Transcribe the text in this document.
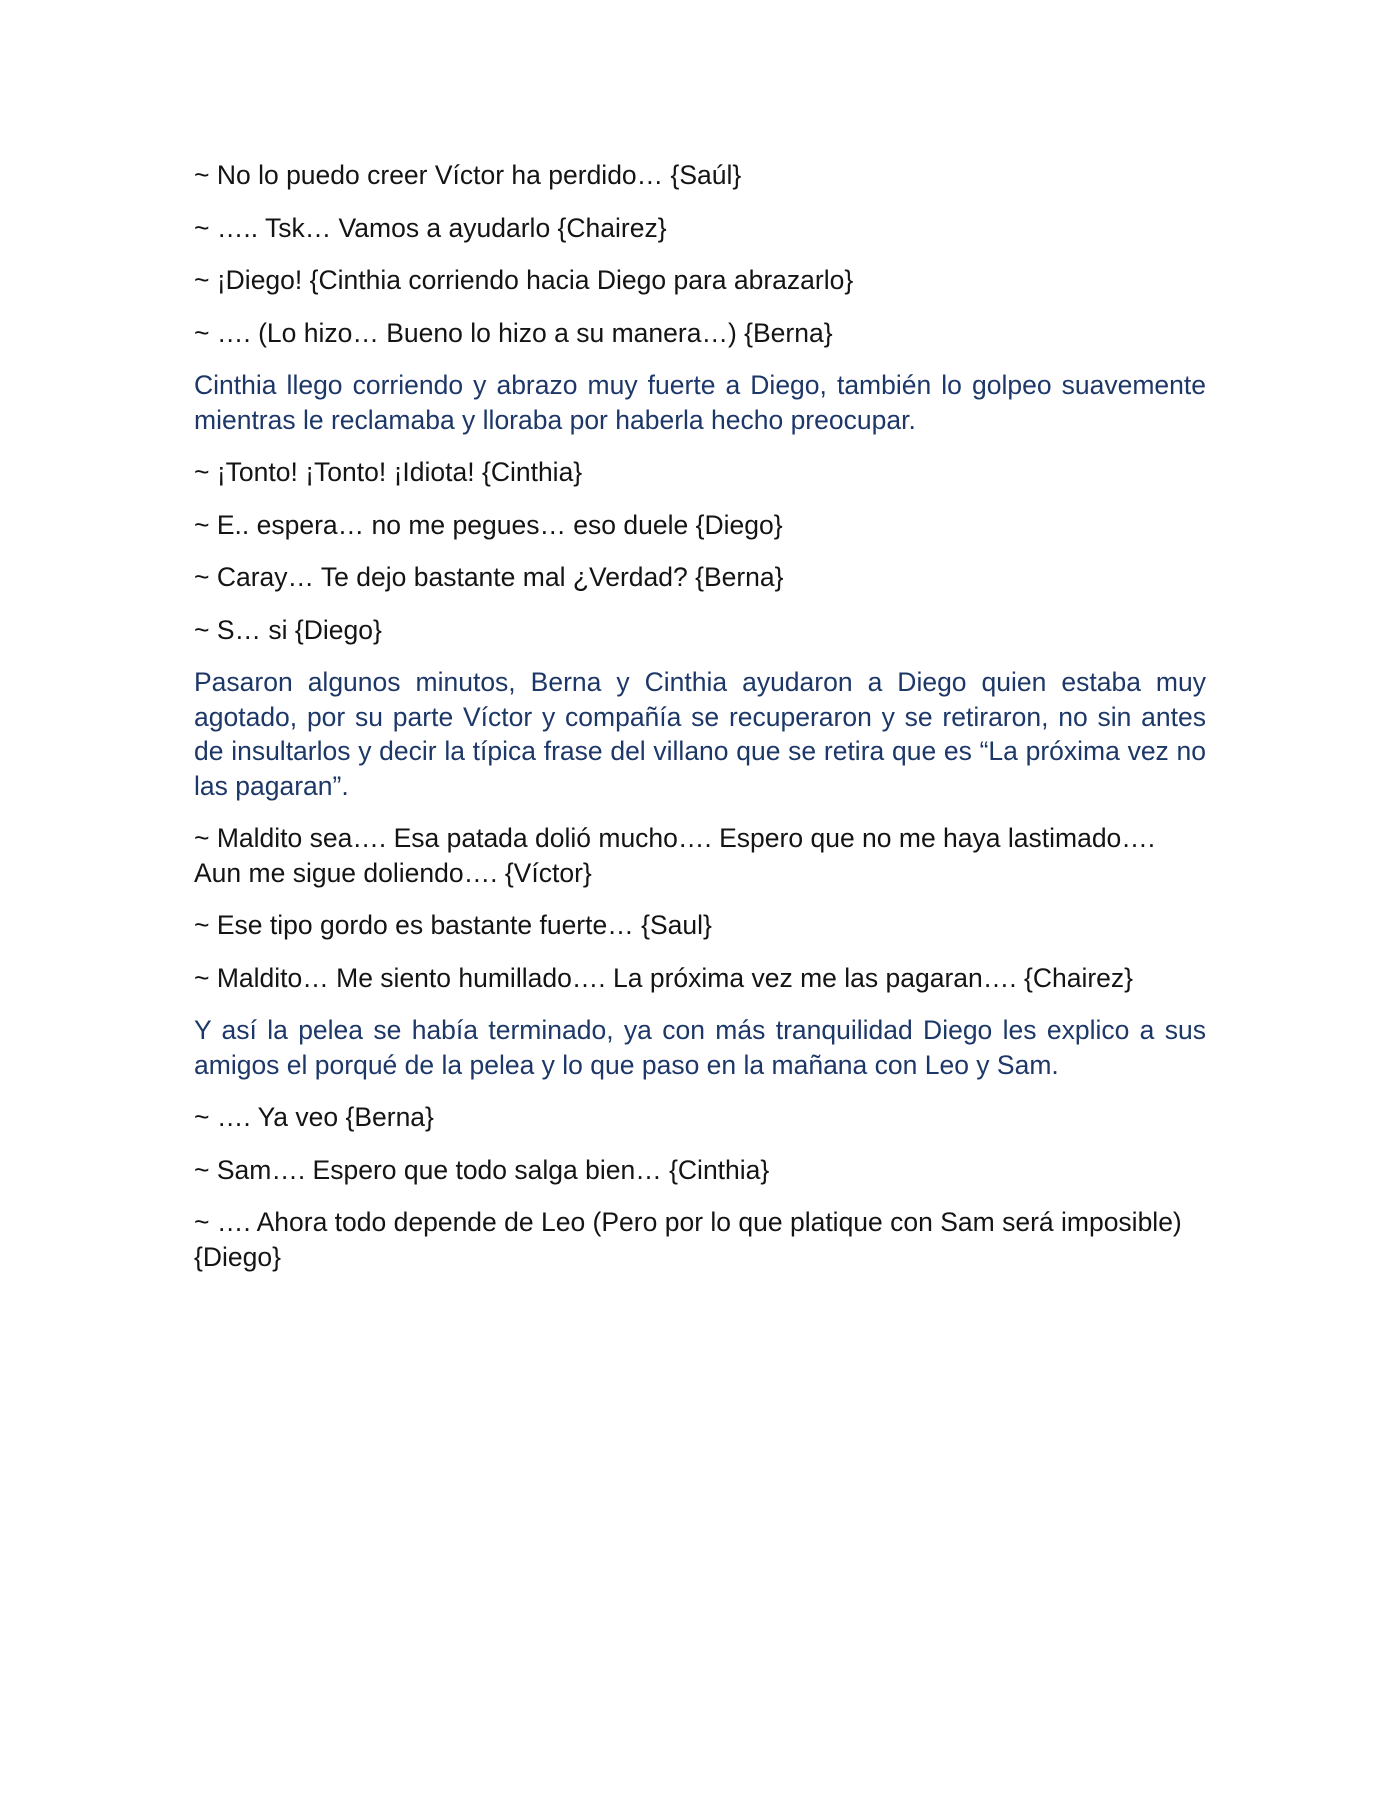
~ No lo puedo creer Víctor ha perdido… {Saúl}

~ ….. Tsk… Vamos a ayudarlo {Chairez}

~ ¡Diego! {Cinthia corriendo hacia Diego para abrazarlo}

~ …. (Lo hizo… Bueno lo hizo a su manera…) {Berna}

Cinthia llego corriendo y abrazo muy fuerte a Diego, también lo golpeo suavemente mientras le reclamaba y lloraba por haberla hecho preocupar.

~ ¡Tonto! ¡Tonto! ¡Idiota! {Cinthia}

~ E.. espera… no me pegues… eso duele {Diego}

~ Caray… Te dejo bastante mal ¿Verdad? {Berna}

~ S… si {Diego}

Pasaron algunos minutos, Berna y Cinthia ayudaron a Diego quien estaba muy agotado, por su parte Víctor y compañía se recuperaron y se retiraron, no sin antes de insultarlos y decir la típica frase del villano que se retira que es “La próxima vez no las pagaran”.

~ Maldito sea…. Esa patada dolió mucho…. Espero que no me haya lastimado…. Aun me sigue doliendo…. {Víctor}

~ Ese tipo gordo es bastante fuerte… {Saul}

~ Maldito… Me siento humillado…. La próxima vez me las pagaran…. {Chairez}

Y así la pelea se había terminado, ya con más tranquilidad Diego les explico a sus amigos el porqué de la pelea y lo que paso en la mañana con Leo y Sam.

~ …. Ya veo {Berna}

~ Sam…. Espero que todo salga bien… {Cinthia}

~ …. Ahora todo depende de Leo (Pero por lo que platique con Sam será imposible) {Diego}
